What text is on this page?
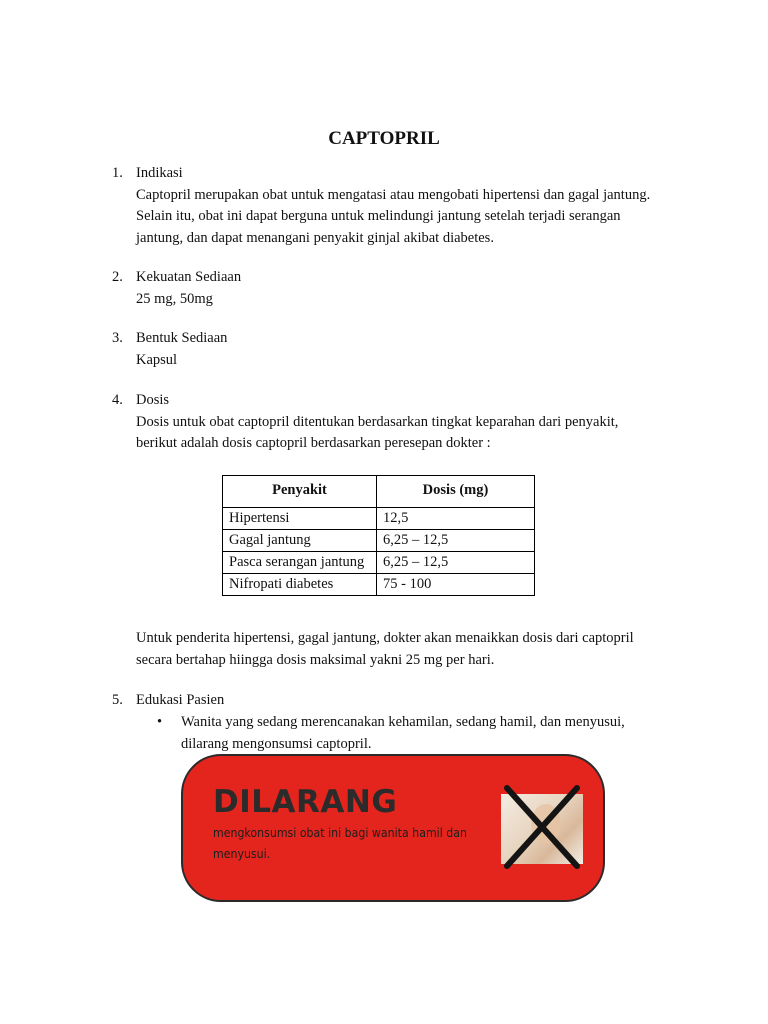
CAPTOPRIL
1. Indikasi
Captopril merupakan obat untuk mengatasi atau mengobati hipertensi dan gagal jantung.
Selain itu, obat ini dapat berguna untuk melindungi jantung setelah terjadi serangan
jantung, dan dapat menangani penyakit ginjal akibat diabetes.
2. Kekuatan Sediaan
25 mg, 50mg
3. Bentuk Sediaan
Kapsul
4. Dosis
Dosis untuk obat captopril ditentukan berdasarkan tingkat keparahan dari penyakit,
berikut adalah dosis captopril berdasarkan peresepan dokter :
Penyakit	Dosis (mg)
Hipertensi	12,5
Gagal jantung	6,25 – 12,5
Pasca serangan jantung	6,25 – 12,5
Nifropati diabetes	75 - 100
Untuk penderita hipertensi, gagal jantung, dokter akan menaikkan dosis dari captopril
secara bertahap hiingga dosis maksimal yakni 25 mg per hari.
5. Edukasi Pasien
• Wanita yang sedang merencanakan kehamilan, sedang hamil, dan menyusui,
dilarang mengonsumsi captopril.
DILARANG
mengkonsumsi obat ini bagi wanita hamil dan
menyusui.
